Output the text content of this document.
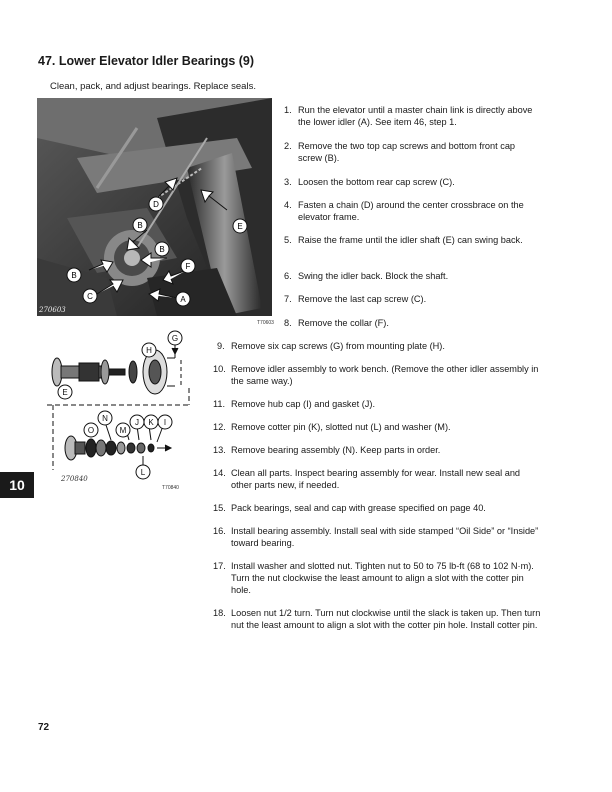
47. Lower Elevator Idler Bearings (9)

Clean, pack, and adjust bearings. Replace seals.

D
E
B
B
F
B
C	A
270603
T70603
H
G
E
N
O	M
J K I
L
270840
T70840
1. Run the elevator until a master chain link is directly above the lower idler (A). See item 46, step 1.
2. Remove the two top cap screws and bottom front cap screw (B).
3. Loosen the bottom rear cap screw (C).
4. Fasten a chain (D) around the center crossbrace on the elevator frame.
5. Raise the frame until the idler shaft (E) can swing back.
6. Swing the idler back. Block the shaft.
7. Remove the last cap screw (C).
8. Remove the collar (F).
9. Remove six cap screws (G) from mounting plate (H).
10. Remove idler assembly to work bench. (Remove the other idler assembly in the same way.)
11. Remove hub cap (I) and gasket (J).
12. Remove cotter pin (K), slotted nut (L) and washer (M).
13. Remove bearing assembly (N). Keep parts in order.
14. Clean all parts. Inspect bearing assembly for wear. Install new seal and other parts new, if needed.
15. Pack bearings, seal and cap with grease specified on page 40.
16. Install bearing assembly. Install seal with side stamped “Oil Side” or “Inside” toward bearing.
17. Install washer and slotted nut. Tighten nut to 50 to 75 lb-ft (68 to 102 N·m). Turn the nut clockwise the least amount to align a slot with the cotter pin hole.
18. Loosen nut 1/2 turn. Turn nut clockwise until the slack is taken up. Then turn nut the least amount to align a slot with the cotter pin hole. Install cotter pin.
10
72
